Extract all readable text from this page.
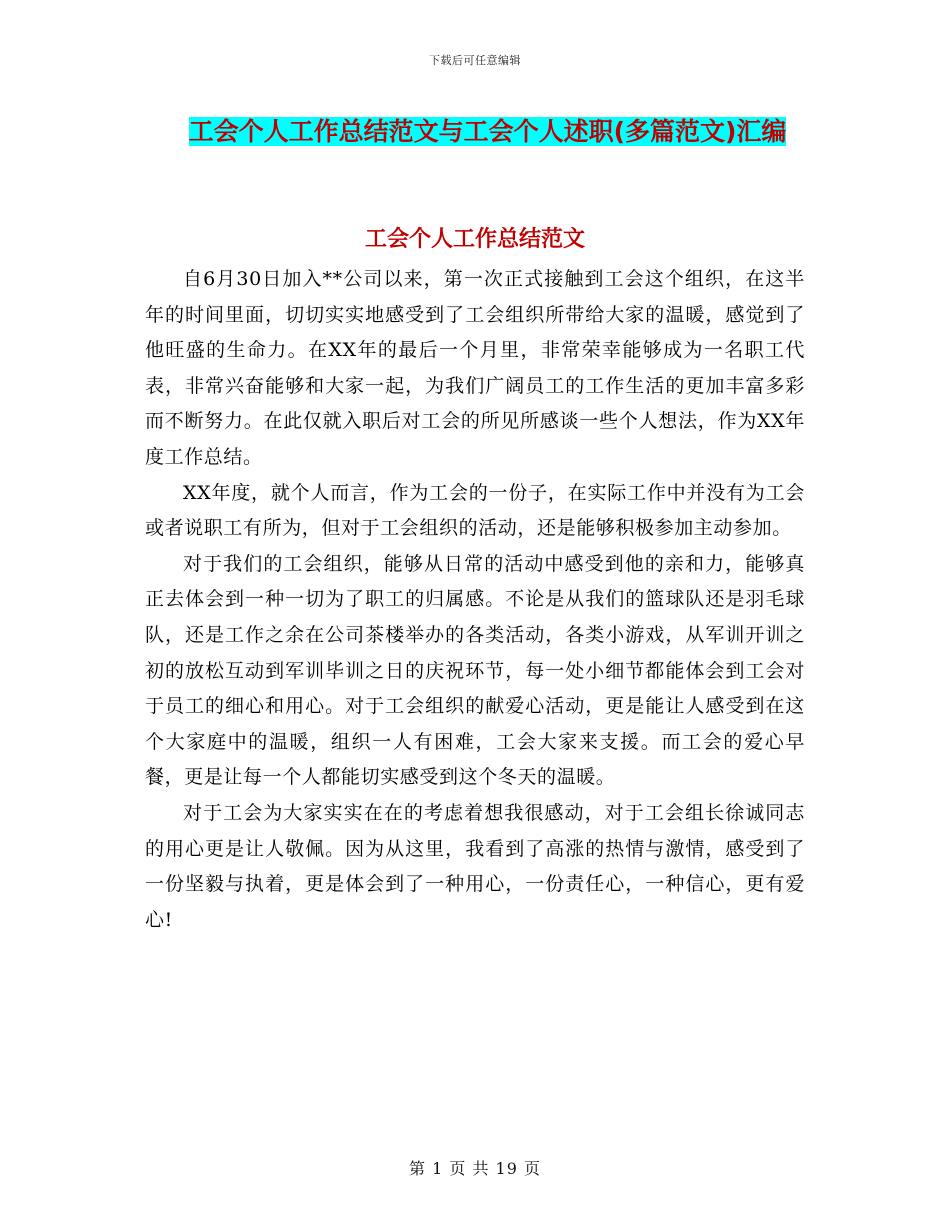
下载后可任意编辑
工会个人工作总结范文与工会个人述职(多篇范文)汇编
工会个人工作总结范文

自6月30日加入**公司以来，第一次正式接触到工会这个组织，在这半年的时间里面，切切实实地感受到了工会组织所带给大家的温暖，感觉到了他旺盛的生命力。在XX年的最后一个月里，非常荣幸能够成为一名职工代表，非常兴奋能够和大家一起，为我们广阔员工的工作生活的更加丰富多彩而不断努力。在此仅就入职后对工会的所见所感谈一些个人想法，作为XX年度工作总结。

XX年度，就个人而言，作为工会的一份子，在实际工作中并没有为工会或者说职工有所为，但对于工会组织的活动，还是能够积极参加主动参加。

对于我们的工会组织，能够从日常的活动中感受到他的亲和力，能够真正去体会到一种一切为了职工的归属感。不论是从我们的篮球队还是羽毛球队，还是工作之余在公司茶楼举办的各类活动，各类小游戏，从军训开训之初的放松互动到军训毕训之日的庆祝环节，每一处小细节都能体会到工会对于员工的细心和用心。对于工会组织的献爱心活动，更是能让人感受到在这个大家庭中的温暖，组织一人有困难，工会大家来支援。而工会的爱心早餐，更是让每一个人都能切实感受到这个冬天的温暖。

对于工会为大家实实在在的考虑着想我很感动，对于工会组长徐诚同志的用心更是让人敬佩。因为从这里，我看到了高涨的热情与激情，感受到了一份坚毅与执着，更是体会到了一种用心，一份责任心，一种信心，更有爱心!

第 1 页 共 19 页
